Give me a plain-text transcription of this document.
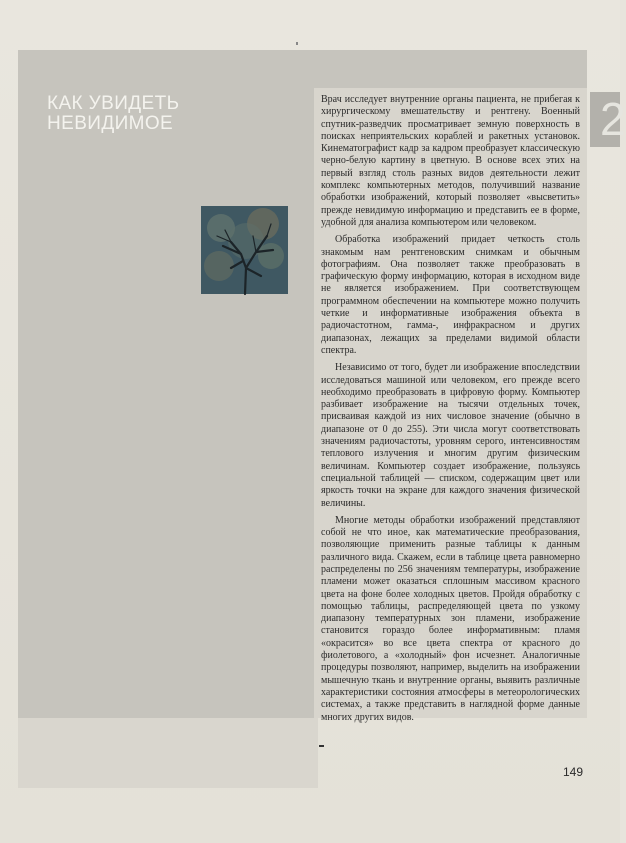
КАК УВИДЕТЬ
НЕВИДИМОЕ	2

Врач исследует внутренние органы пациента, не прибегая к хирургическому вмешательству и рентгену. Военный спутник-разведчик просматривает земную поверхность в поисках неприятельских кораблей и ракетных установок. Кинематографист кадр за кадром преобразует классическую черно-белую картину в цветную. В основе всех этих на первый взгляд столь разных видов деятельности лежит комплекс компьютерных методов, получивший название обработки изображений, который позволяет «высветить» прежде невидимую информацию и представить ее в форме, удобной для анализа компьютером или человеком.

Обработка изображений придает четкость столь знакомым нам рентгеновским снимкам и обычным фотографиям. Она позволяет также преобразовать в графическую форму информацию, которая в исходном виде не является изображением. При соответствующем программном обеспечении на компьютере можно получить четкие и информативные изображения объекта в радиочастотном, гамма-, инфракрасном и других диапазонах, лежащих за пределами видимой области спектра.

Независимо от того, будет ли изображение впоследствии исследоваться машиной или человеком, его прежде всего необходимо преобразовать в цифровую форму. Компьютер разбивает изображение на тысячи отдельных точек, присваивая каждой из них числовое значение (обычно в диапазоне от 0 до 255). Эти числа могут соответствовать значениям радиочастоты, уровням серого, интенсивностям теплового излучения и многим другим физическим величинам. Компьютер создает изображение, пользуясь специальной таблицей — списком, содержащим цвет или яркость точки на экране для каждого значения физической величины.

Многие методы обработки изображений представляют собой не что иное, как математические преобразования, позволяющие применить разные таблицы к данным различного вида. Скажем, если в таблице цвета равномерно распределены по 256 значениям температуры, изображение пламени может оказаться сплошным массивом красного цвета на фоне более холодных цветов. Пройдя обработку с помощью таблицы, распределяющей цвета по узкому диапазону температурных зон пламени, изображение становится гораздо более информативным: пламя «окрасится» во все цвета спектра от красного до фиолетового, а «холодный» фон исчезнет. Аналогичные процедуры позволяют, например, выделить на изображении мышечную ткань и внутренние органы, выявить различные характеристики состояния атмосферы в метеорологических системах, а также представить в наглядной форме данные многих других видов.

149
